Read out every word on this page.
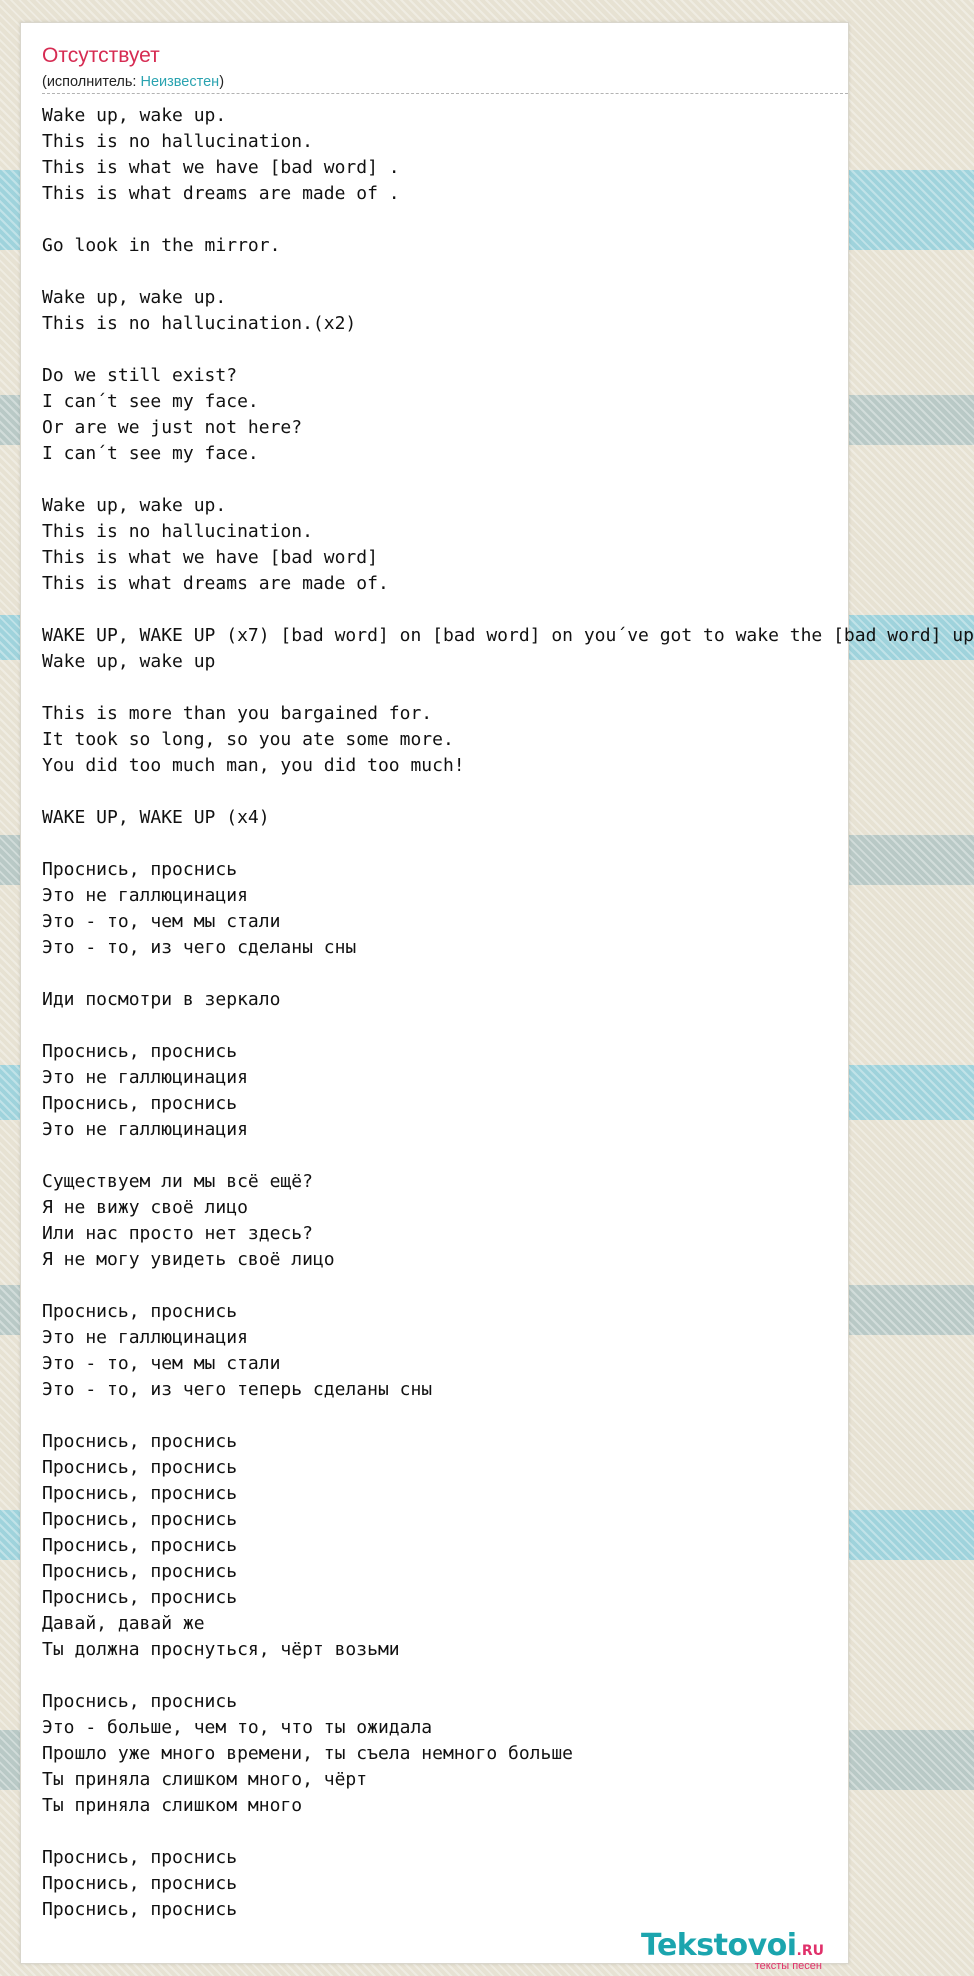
Отсутствует
(исполнитель: Неизвестен)
Wake up, wake up.
This is no hallucination.
This is what we have [bad word] .
This is what dreams are made of .

Go look in the mirror.

Wake up, wake up.
This is no hallucination.(x2)

Do we still exist?
I can´t see my face.
Or are we just not here?
I can´t see my face.

Wake up, wake up.
This is no hallucination.
This is what we have [bad word]
This is what dreams are made of.

WAKE UP, WAKE UP (x7) [bad word] on [bad word] on you´ve got to wake the [bad word] up
Wake up, wake up

This is more than you bargained for.
It took so long, so you ate some more.
You did too much man, you did too much!

WAKE UP, WAKE UP (x4)

Проснись, проснись
Это не галлюцинация
Это - то, чем мы стали
Это - то, из чего сделаны сны

Иди посмотри в зеркало

Проснись, проснись
Это не галлюцинация
Проснись, проснись
Это не галлюцинация

Существуем ли мы всё ещё?
Я не вижу своё лицо
Или нас просто нет здесь?
Я не могу увидеть своё лицо

Проснись, проснись
Это не галлюцинация
Это - то, чем мы стали
Это - то, из чего теперь сделаны сны

Проснись, проснись
Проснись, проснись
Проснись, проснись
Проснись, проснись
Проснись, проснись
Проснись, проснись
Проснись, проснись
Давай, давай же
Ты должна проснуться, чёрт возьми

Проснись, проснись
Это - больше, чем то, что ты ожидала
Прошло уже много времени, ты съела немного больше
Ты приняла слишком много, чёрт
Ты приняла слишком много

Проснись, проснись
Проснись, проснись
Проснись, проснись
Tekstovoi.RU
тексты песен
